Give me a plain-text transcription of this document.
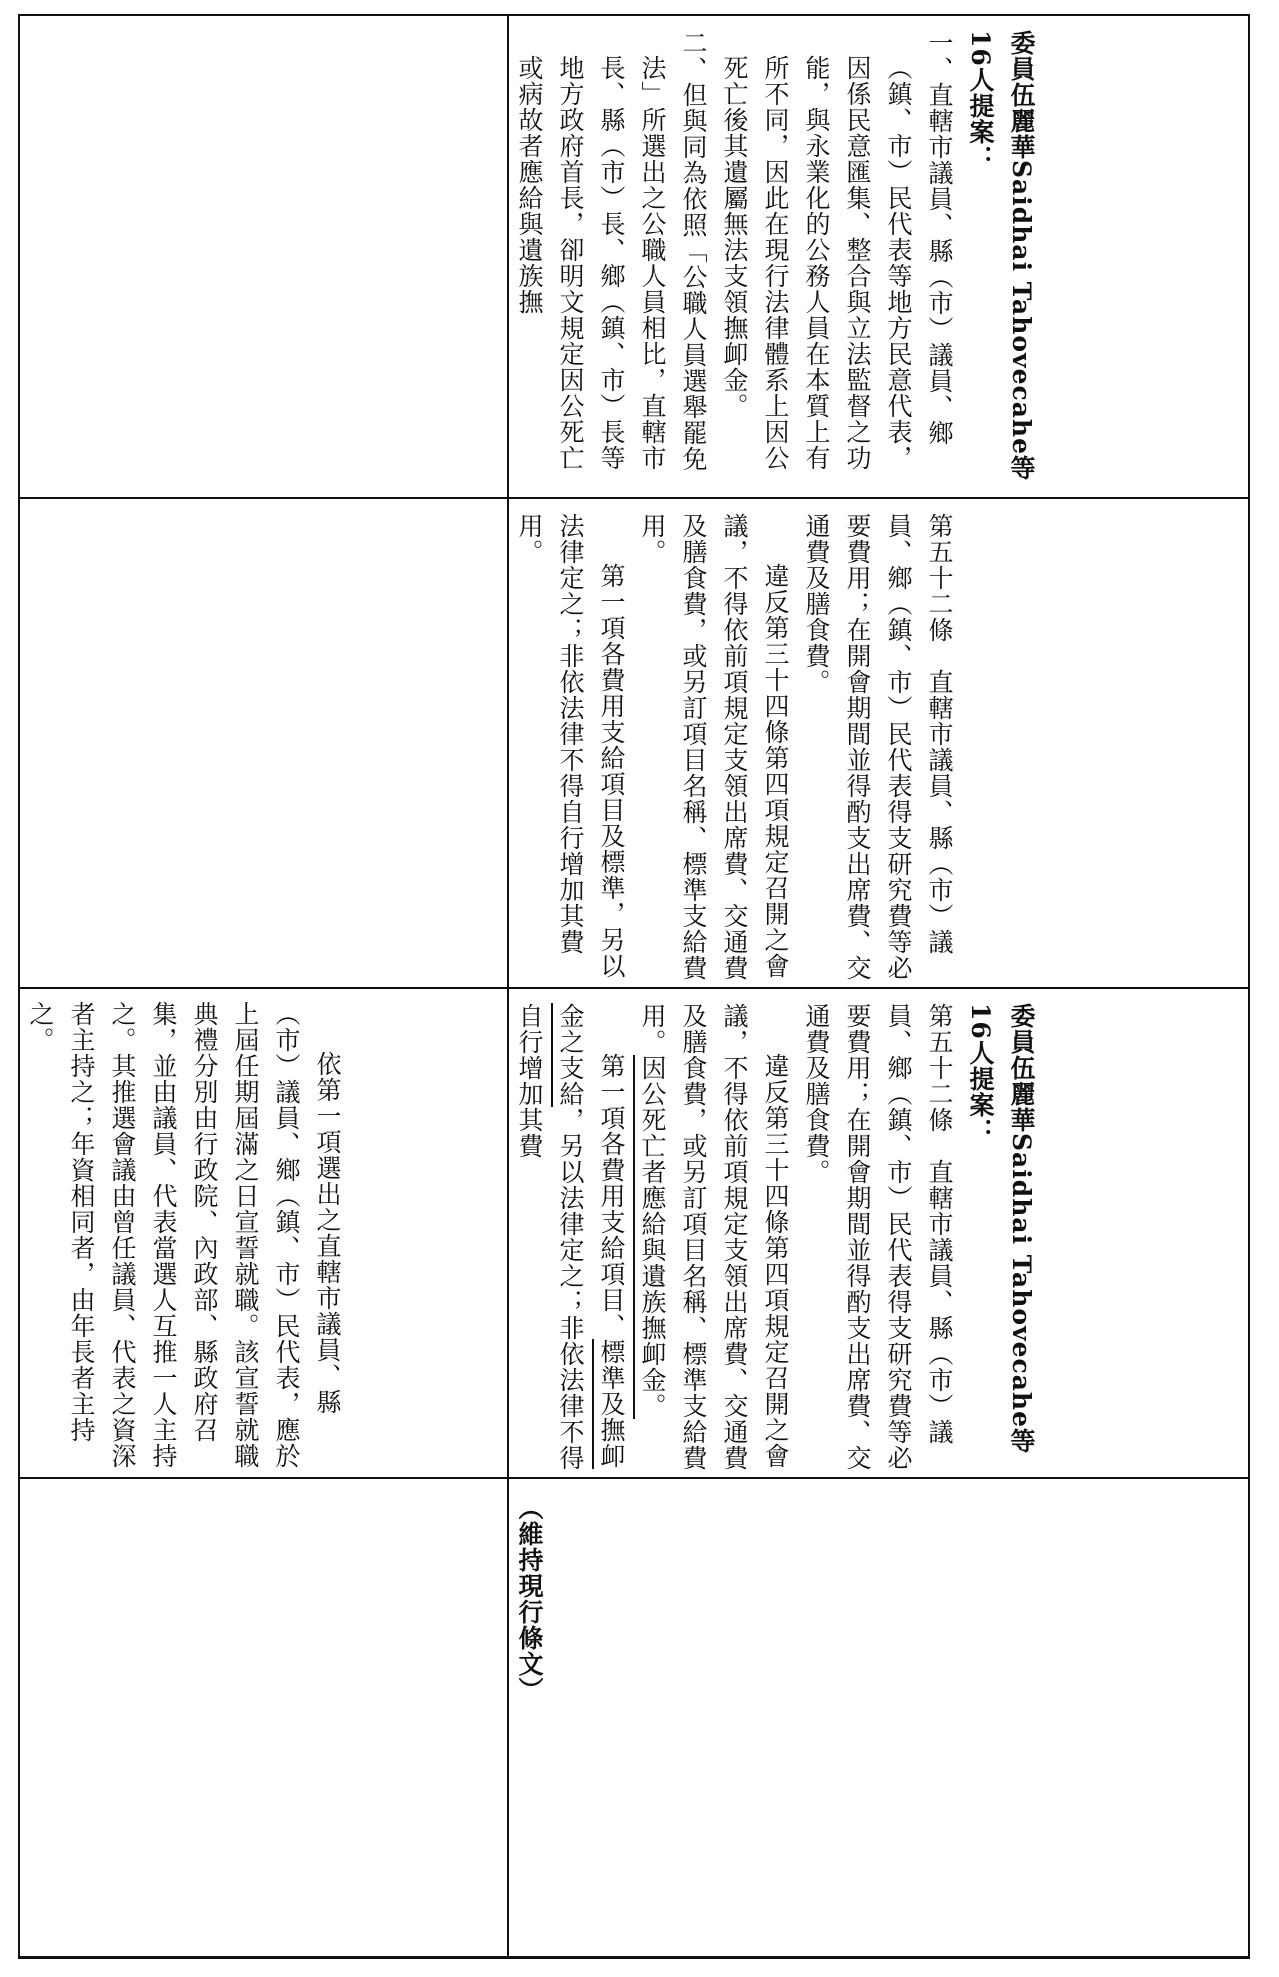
依第一項選出之直轄市議員、縣（市）議員、鄉（鎮、市）民代表，應於上屆任期屆滿之日宣誓就職。該宣誓就職典禮分別由行政院、內政部、縣政府召集，並由議員、代表當選人互推一人主持之。其推選會議由曾任議員、代表之資深者主持之；年資相同者，由年長者主持之。

委員伍麗華Saidhai Tahovecahe等

16人提案：

一、直轄市議員、縣（市）議員、鄉（鎮、市）民代表等地方民意代表，因係民意匯集、整合與立法監督之功能，與永業化的公務人員在本質上有所不同，因此在現行法律體系上因公死亡後其遺屬無法支領撫卹金。

二、但與同為依照「公職人員選舉罷免法」所選出之公職人員相比，直轄市長、縣（市）長、鄉（鎮、市）長等地方政府首長，卻明文規定因公死亡或病故者應給與遺族撫

第五十二條　直轄市議員、縣（市）議員、鄉（鎮、市）民代表得支研究費等必要費用；在開會期間並得酌支出席費、交通費及膳食費。

違反第三十四條第四項規定召開之會議，不得依前項規定支領出席費、交通費及膳食費，或另訂項目名稱、標準支給費用。

第一項各費用支給項目及標準，另以法律定之；非依法律不得自行增加其費用。

委員伍麗華Saidhai Tahovecahe等

16人提案：

第五十二條　直轄市議員、縣（市）議員、鄉（鎮、市）民代表得支研究費等必要費用；在開會期間並得酌支出席費、交通費及膳食費。

違反第三十四條第四項規定召開之會議，不得依前項規定支領出席費、交通費及膳食費，或另訂項目名稱、標準支給費用。因公死亡者應給與遺族撫卹金。

第一項各費用支給項目、標準及撫卹金之支給，另以法律定之；非依法律不得自行增加其費

（維持現行條文）
